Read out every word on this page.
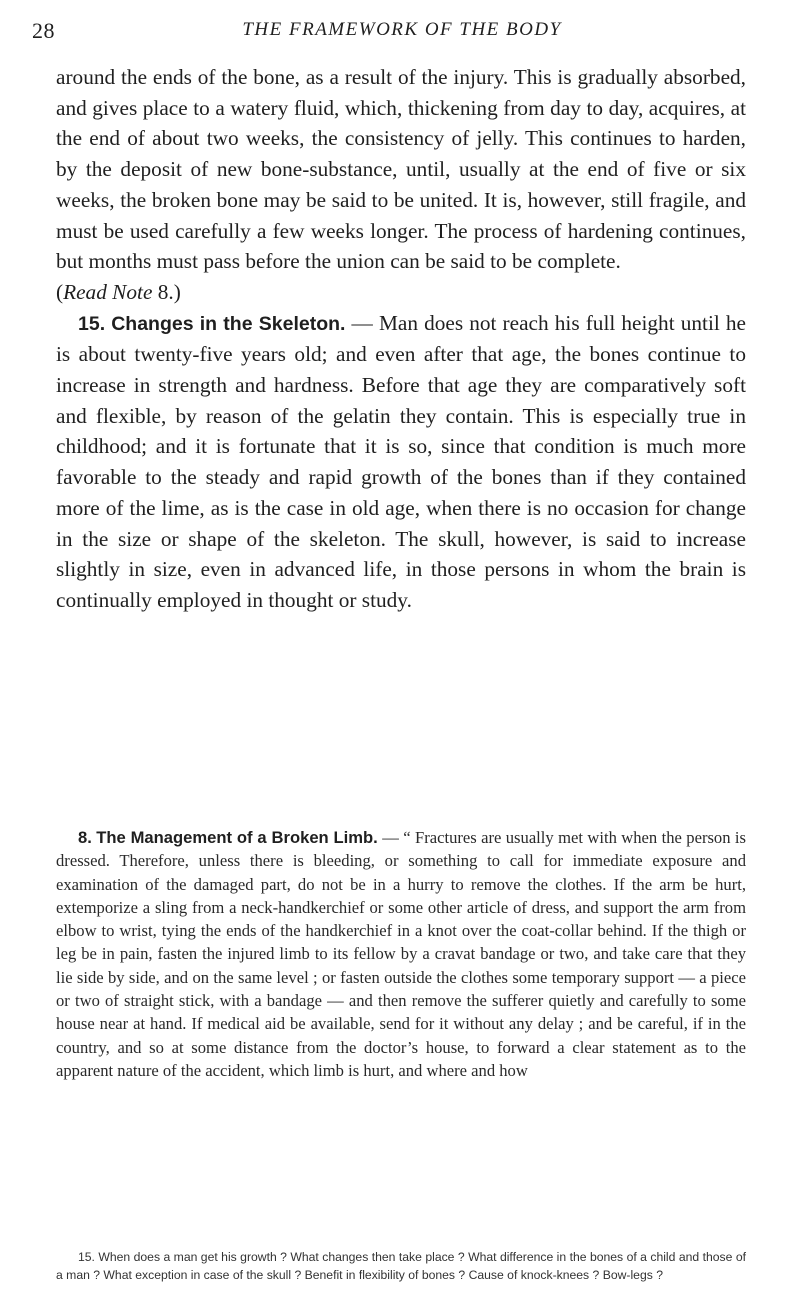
28	THE FRAMEWORK OF THE BODY

around the ends of the bone, as a result of the injury. This is gradually absorbed, and gives place to a watery fluid, which, thickening from day to day, acquires, at the end of about two weeks, the consistency of jelly. This continues to harden, by the deposit of new bone-substance, until, usually at the end of five or six weeks, the broken bone may be said to be united. It is, however, still fragile, and must be used carefully a few weeks longer. The process of hardening continues, but months must pass before the union can be said to be complete.
(Read Note 8.)

15. Changes in the Skeleton. — Man does not reach his full height until he is about twenty-five years old; and even after that age, the bones continue to increase in strength and hardness. Before that age they are comparatively soft and flexible, by reason of the gelatin they contain. This is especially true in childhood; and it is fortunate that it is so, since that condition is much more favorable to the steady and rapid growth of the bones than if they contained more of the lime, as is the case in old age, when there is no occasion for change in the size or shape of the skeleton. The skull, however, is said to increase slightly in size, even in advanced life, in those persons in whom the brain is continually employed in thought or study.

8. The Management of a Broken Limb. — “ Fractures are usually met with when the person is dressed. Therefore, unless there is bleeding, or something to call for immediate exposure and examination of the damaged part, do not be in a hurry to remove the clothes. If the arm be hurt, extemporize a sling from a neck-handkerchief or some other article of dress, and support the arm from elbow to wrist, tying the ends of the handkerchief in a knot over the coat-collar behind. If the thigh or leg be in pain, fasten the injured limb to its fellow by a cravat bandage or two, and take care that they lie side by side, and on the same level ; or fasten outside the clothes some temporary support — a piece or two of straight stick, with a bandage — and then remove the sufferer quietly and carefully to some house near at hand. If medical aid be available, send for it without any delay ; and be careful, if in the country, and so at some distance from the doctor’s house, to forward a clear statement as to the apparent nature of the accident, which limb is hurt, and where and how

15. When does a man get his growth ? What changes then take place ? What difference in the bones of a child and those of a man ? What exception in case of the skull ? Benefit in flexibility of bones ? Cause of knock-knees ? Bow-legs ?
